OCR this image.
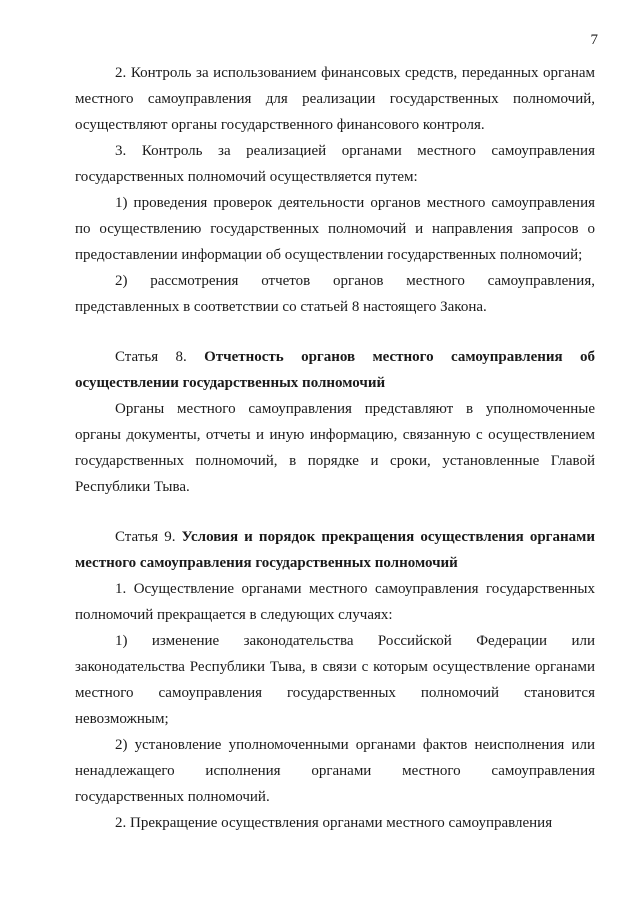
7

2. Контроль за использованием финансовых средств, переданных органам местного самоуправления для реализации государственных полномочий, осуществляют органы государственного финансового контроля.

3. Контроль за реализацией органами местного самоуправления государственных полномочий осуществляется путем:

1) проведения проверок деятельности органов местного самоуправления по осуществлению государственных полномочий и направления запросов о предоставлении информации об осуществлении государственных полномочий;

2) рассмотрения отчетов органов местного самоуправления, представленных в соответствии со статьей 8 настоящего Закона.

Статья 8. Отчетность органов местного самоуправления об осуществлении государственных полномочий

Органы местного самоуправления представляют в уполномоченные органы документы, отчеты и иную информацию, связанную с осуществлением государственных полномочий, в порядке и сроки, установленные Главой Республики Тыва.

Статья 9. Условия и порядок прекращения осуществления органами местного самоуправления государственных полномочий

1. Осуществление органами местного самоуправления государственных полномочий прекращается в следующих случаях:

1) изменение законодательства Российской Федерации или законодательства Республики Тыва, в связи с которым осуществление органами местного самоуправления государственных полномочий становится невозможным;

2) установление уполномоченными органами фактов неисполнения или ненадлежащего исполнения органами местного самоуправления государственных полномочий.

2. Прекращение осуществления органами местного самоуправления
